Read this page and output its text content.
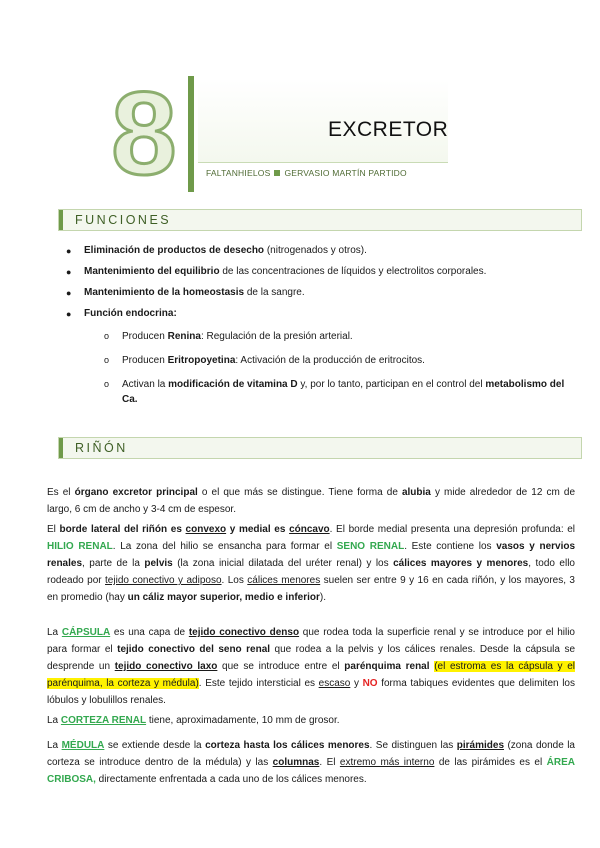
8	EXCRETOR
FALTANHIELOS GERVASIO MARTÍN PARTIDO
FUNCIONES
● Eliminación de productos de desecho (nitrogenados y otros).
● Mantenimiento del equilibrio de las concentraciones de líquidos y electrolitos corporales.
● Mantenimiento de la homeostasis de la sangre.
● Función endocrina:
o Producen Renina: Regulación de la presión arterial.
o Producen Eritropoyetina: Activación de la producción de eritrocitos.
o Activan la modificación de vitamina D y, por lo tanto, participan en el control del metabolismo del Ca.
RIÑÓN

Es el órgano excretor principal o el que más se distingue. Tiene forma de alubia y mide alrededor de 12 cm de largo, 6 cm de ancho y 3-4 cm de espesor.

El borde lateral del riñón es convexo y medial es cóncavo. El borde medial presenta una depresión profunda: el HILIO RENAL. La zona del hilio se ensancha para formar el SENO RENAL. Este contiene los vasos y nervios renales, parte de la pelvis (la zona inicial dilatada del uréter renal) y los cálices mayores y menores, todo ello rodeado por tejido conectivo y adiposo. Los cálices menores suelen ser entre 9 y 16 en cada riñón, y los mayores, 3 en promedio (hay un cáliz mayor superior, medio e inferior).

La CÁPSULA es una capa de tejido conectivo denso que rodea toda la superficie renal y se introduce por el hilio para formar el tejido conectivo del seno renal que rodea a la pelvis y los cálices renales. Desde la cápsula se desprende un tejido conectivo laxo que se introduce entre el parénquima renal (el estroma es la cápsula y el parénquima, la corteza y médula). Este tejido intersticial es escaso y NO forma tabiques evidentes que delimiten los lóbulos y lobulillos renales.

La CORTEZA RENAL tiene, aproximadamente, 10 mm de grosor.

La MÉDULA se extiende desde la corteza hasta los cálices menores. Se distinguen las pirámides (zona donde la corteza se introduce dentro de la médula) y las columnas. El extremo más interno de las pirámides es el ÁREA CRIBOSA, directamente enfrentada a cada uno de los cálices menores.
